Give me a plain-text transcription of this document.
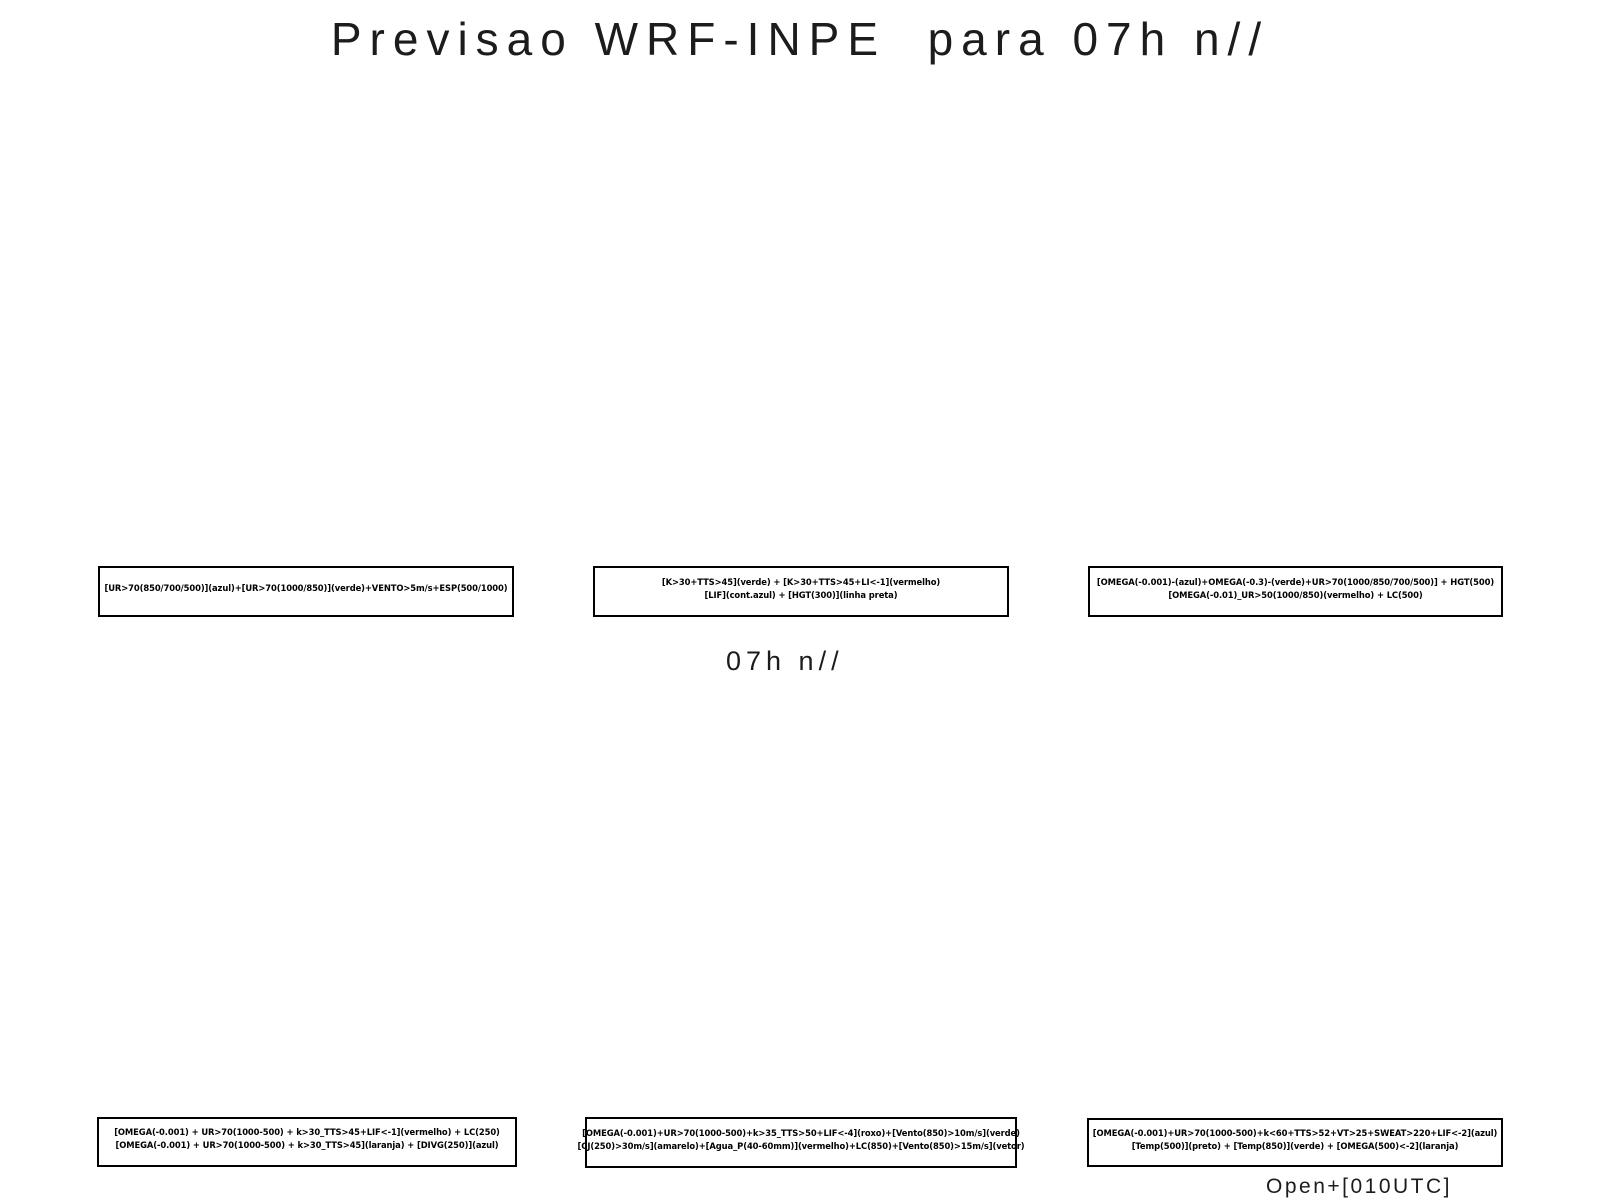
Previsao WRF-INPE  para 07h n//
[UR>70(850/700/500)](azul)+[UR>70(1000/850)](verde)+VENTO>5m/s+ESP(500/1000)
[K>30+TTS>45](verde) + [K>30+TTS>45+LI<-1](vermelho)
[LIF](cont.azul) + [HGT(300)](linha preta)
[OMEGA(-0.001)-(azul)+OMEGA(-0.3)-(verde)+UR>70(1000/850/700/500)] + HGT(500)
[OMEGA(-0.01)_UR>50(1000/850)(vermelho) + LC(500)
07h n//
[OMEGA(-0.001) + UR>70(1000-500) + k>30_TTS>45+LIF<-1](vermelho) + LC(250)
[OMEGA(-0.001) + UR>70(1000-500) + k>30_TTS>45](laranja) + [DIVG(250)](azul)
[OMEGA(-0.001)+UR>70(1000-500)+k>35_TTS>50+LIF<-4](roxo)+[Vento(850)>10m/s](verde)
[CJ(250)>30m/s](amarelo)+[Agua_P(40-60mm)](vermelho)+LC(850)+[Vento(850)>15m/s](vetor)
[OMEGA(-0.001)+UR>70(1000-500)+k<60+TTS>52+VT>25+SWEAT>220+LIF<-2](azul)
[Temp(500)](preto) + [Temp(850)](verde) + [OMEGA(500)<-2](laranja)
Open+[010UTC]
